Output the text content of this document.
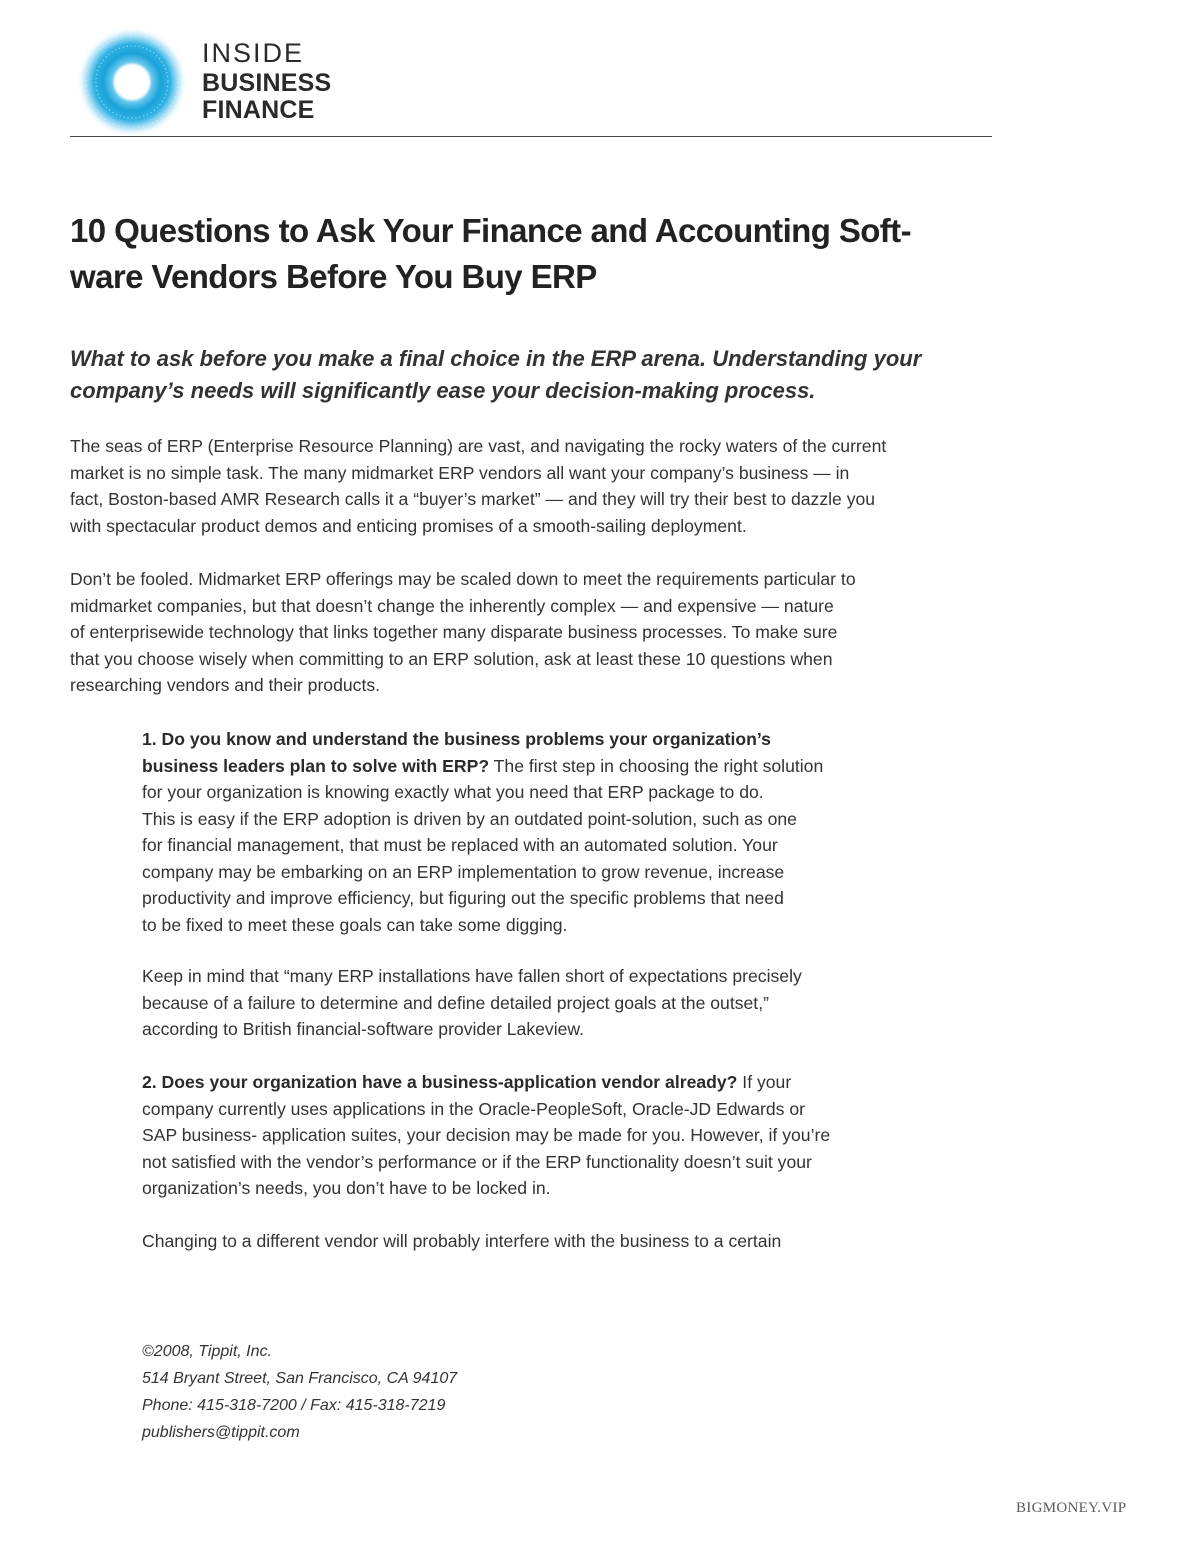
INSIDE
BUSINESS
FINANCE
10 Questions to Ask Your Finance and Accounting Soft-
ware Vendors Before You Buy ERP
What to ask before you make a final choice in the ERP arena. Understanding your
company’s needs will significantly ease your decision-making process.

The seas of ERP (Enterprise Resource Planning) are vast, and navigating the rocky waters of the current
market is no simple task. The many midmarket ERP vendors all want your company’s business — in
fact, Boston-based AMR Research calls it a “buyer’s market” — and they will try their best to dazzle you
with spectacular product demos and enticing promises of a smooth-sailing deployment.

Don’t be fooled. Midmarket ERP offerings may be scaled down to meet the requirements particular to
midmarket companies, but that doesn’t change the inherently complex — and expensive — nature
of enterprisewide technology that links together many disparate business processes. To make sure
that you choose wisely when committing to an ERP solution, ask at least these 10 questions when
researching vendors and their products.

1. Do you know and understand the business problems your organization’s
business leaders plan to solve with ERP? The first step in choosing the right solution
for your organization is knowing exactly what you need that ERP package to do.
This is easy if the ERP adoption is driven by an outdated point-solution, such as one
for financial management, that must be replaced with an automated solution. Your
company may be embarking on an ERP implementation to grow revenue, increase
productivity and improve efficiency, but figuring out the specific problems that need
to be fixed to meet these goals can take some digging.

Keep in mind that “many ERP installations have fallen short of expectations precisely
because of a failure to determine and define detailed project goals at the outset,”
according to British financial-software provider Lakeview.

2. Does your organization have a business-application vendor already? If your
company currently uses applications in the Oracle-PeopleSoft, Oracle-JD Edwards or
SAP business- application suites, your decision may be made for you. However, if you’re
not satisfied with the vendor’s performance or if the ERP functionality doesn’t suit your
organization’s needs, you don’t have to be locked in.

Changing to a different vendor will probably interfere with the business to a certain

©2008, Tippit, Inc.
514 Bryant Street, San Francisco, CA 94107
Phone: 415-318-7200 / Fax: 415-318-7219
publishers@tippit.com
BIGMONEY.VIP
